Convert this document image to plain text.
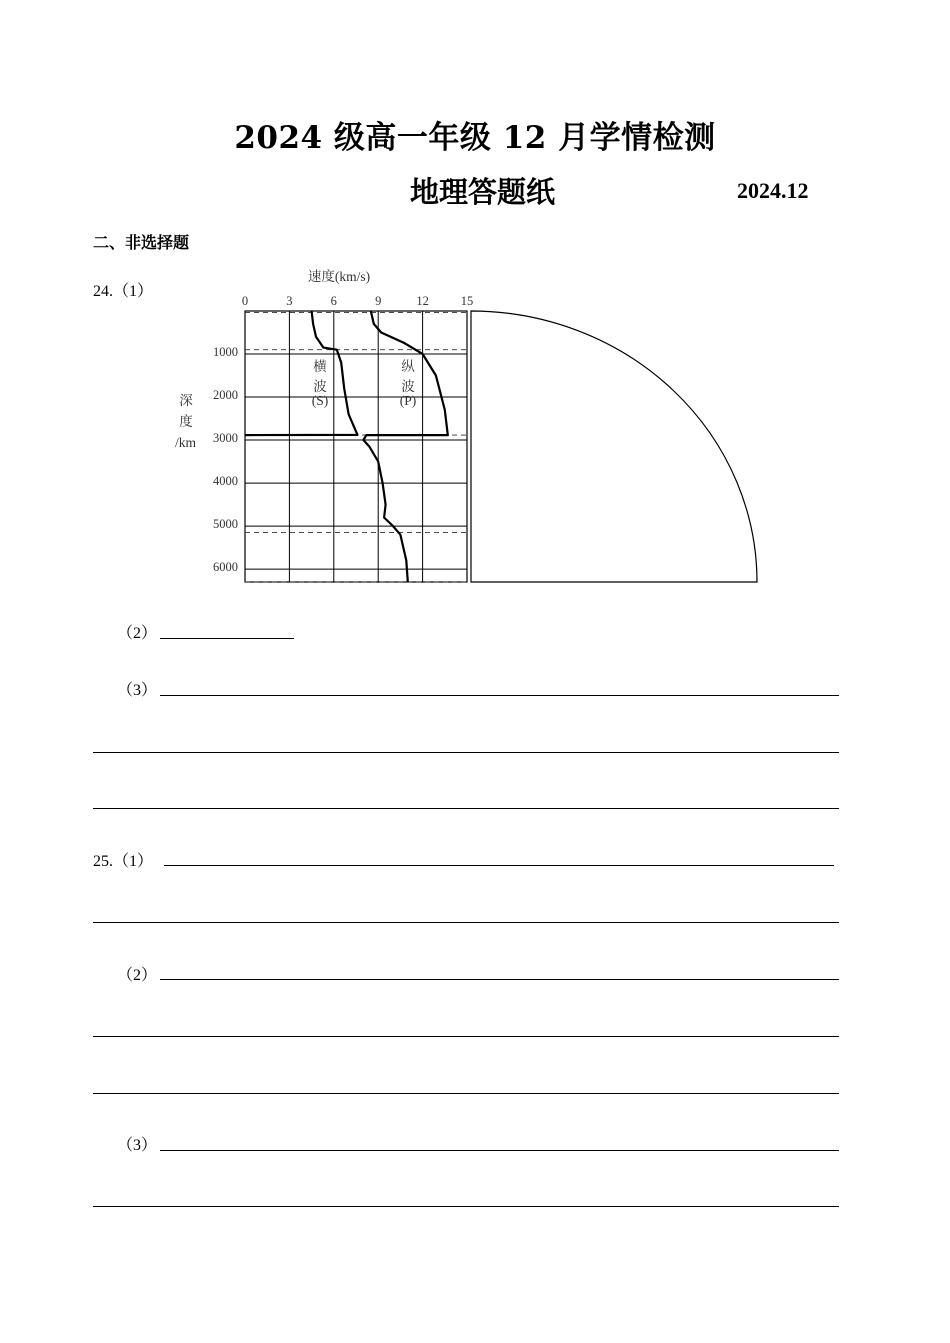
2024 级高一年级 12 月学情检测
地理答题纸	2024.12
二、非选择题
24.（1）
0	3	6	9	12	15
1000
2000
3000
4000
5000
6000
速度(km/s)
深
度
/km
横
波
(S)
纵
波
(P)
（2）
（3）
25.（1）
（2）
（3）
